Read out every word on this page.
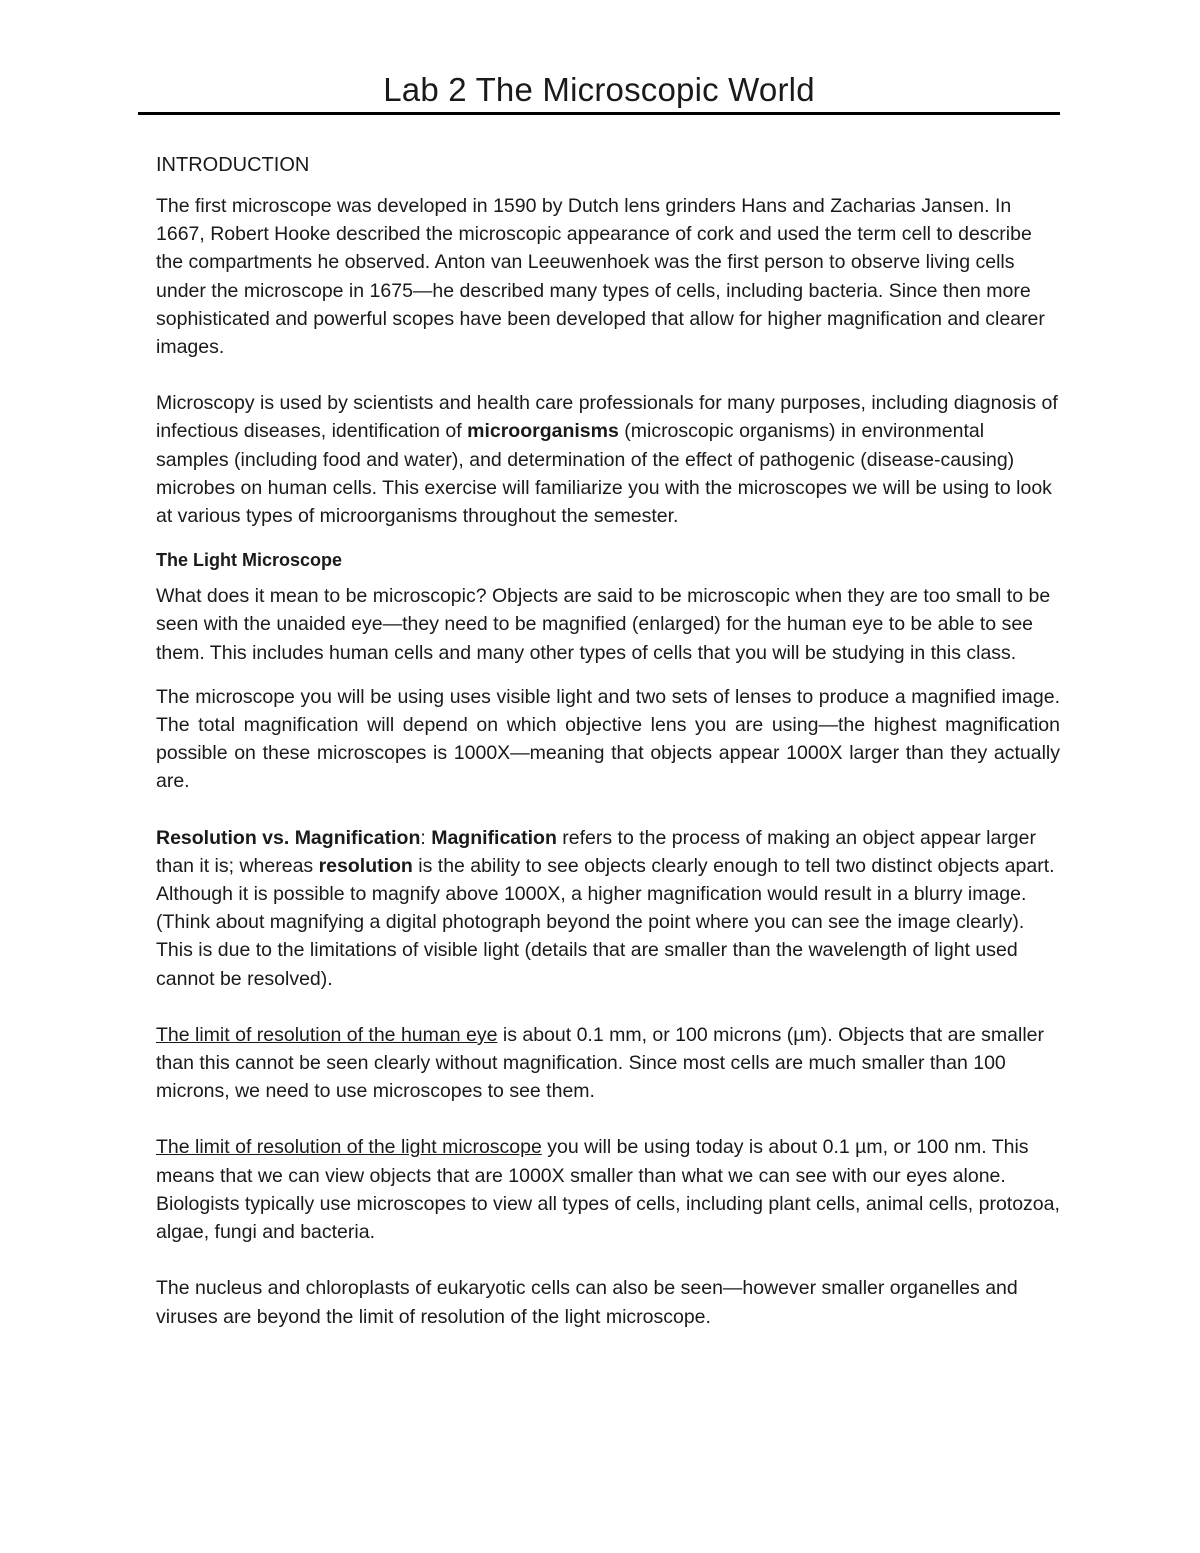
Lab 2 The Microscopic World
INTRODUCTION

The first microscope was developed in 1590 by Dutch lens grinders Hans and Zacharias Jansen. In 1667, Robert Hooke described the microscopic appearance of cork and used the term cell to describe the compartments he observed. Anton van Leeuwenhoek was the first person to observe living cells under the microscope in 1675—he described many types of cells, including bacteria. Since then more sophisticated and powerful scopes have been developed that allow for higher magnification and clearer images.

Microscopy is used by scientists and health care professionals for many purposes, including diagnosis of infectious diseases, identification of microorganisms (microscopic organisms) in environmental samples (including food and water), and determination of the effect of pathogenic (disease-causing) microbes on human cells. This exercise will familiarize you with the microscopes we will be using to look at various types of microorganisms throughout the semester.

The Light Microscope

What does it mean to be microscopic? Objects are said to be microscopic when they are too small to be seen with the unaided eye—they need to be magnified (enlarged) for the human eye to be able to see them. This includes human cells and many other types of cells that you will be studying in this class.

The microscope you will be using uses visible light and two sets of lenses to produce a magnified image. The total magnification will depend on which objective lens you are using—the highest magnification possible on these microscopes is 1000X—meaning that objects appear 1000X larger than they actually are.

Resolution vs. Magnification: Magnification refers to the process of making an object appear larger than it is; whereas resolution is the ability to see objects clearly enough to tell two distinct objects apart. Although it is possible to magnify above 1000X, a higher magnification would result in a blurry image. (Think about magnifying a digital photograph beyond the point where you can see the image clearly). This is due to the limitations of visible light (details that are smaller than the wavelength of light used cannot be resolved).

The limit of resolution of the human eye is about 0.1 mm, or 100 microns (µm). Objects that are smaller than this cannot be seen clearly without magnification. Since most cells are much smaller than 100 microns, we need to use microscopes to see them.

The limit of resolution of the light microscope you will be using today is about 0.1 µm, or 100 nm. This means that we can view objects that are 1000X smaller than what we can see with our eyes alone. Biologists typically use microscopes to view all types of cells, including plant cells, animal cells, protozoa, algae, fungi and bacteria.

The nucleus and chloroplasts of eukaryotic cells can also be seen—however smaller organelles and viruses are beyond the limit of resolution of the light microscope.
